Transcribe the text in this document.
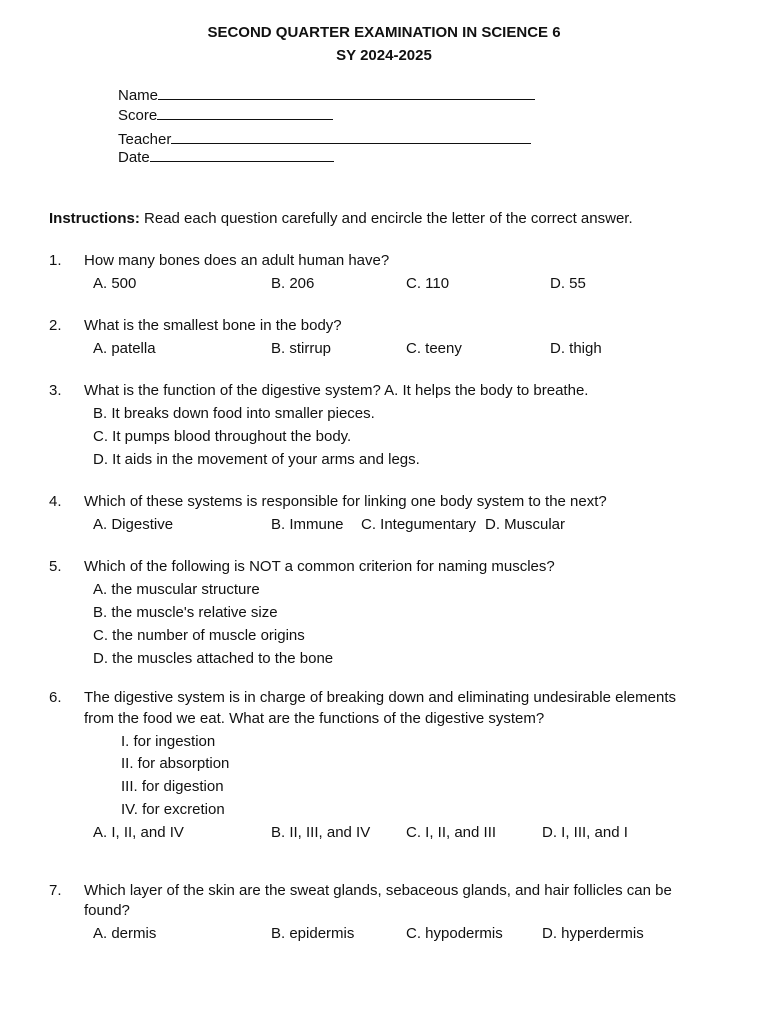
SECOND QUARTER EXAMINATION IN SCIENCE 6
SY 2024-2025
Name
Score
Teacher
Date
Instructions: Read each question carefully and encircle the letter of the correct answer.
1. How many bones does an adult human have?
A. 500	B. 206	C. 110	D. 55
2. What is the smallest bone in the body?
A. patella	B. stirrup	C. teeny	D. thigh
3. What is the function of the digestive system? A. It helps the body to breathe.
B. It breaks down food into smaller pieces.
C. It pumps blood throughout the body.
D. It aids in the movement of your arms and legs.
4. Which of these systems is responsible for linking one body system to the next?
A. Digestive	B. Immune C. Integumentary D. Muscular
5. Which of the following is NOT a common criterion for naming muscles?
A. the muscular structure
B. the muscle's relative size
C. the number of muscle origins
D. the muscles attached to the bone
6. The digestive system is in charge of breaking down and eliminating undesirable elements
from the food we eat. What are the functions of the digestive system?
I. for ingestion
II. for absorption
III. for digestion
IV. for excretion
A. I, II, and IV	B. II, III, and IV C. I, II, and III	D. I, III, and I
7. Which layer of the skin are the sweat glands, sebaceous glands, and hair follicles can be
found?
A. dermis	B. epidermis	C. hypodermis	D. hyperdermis
